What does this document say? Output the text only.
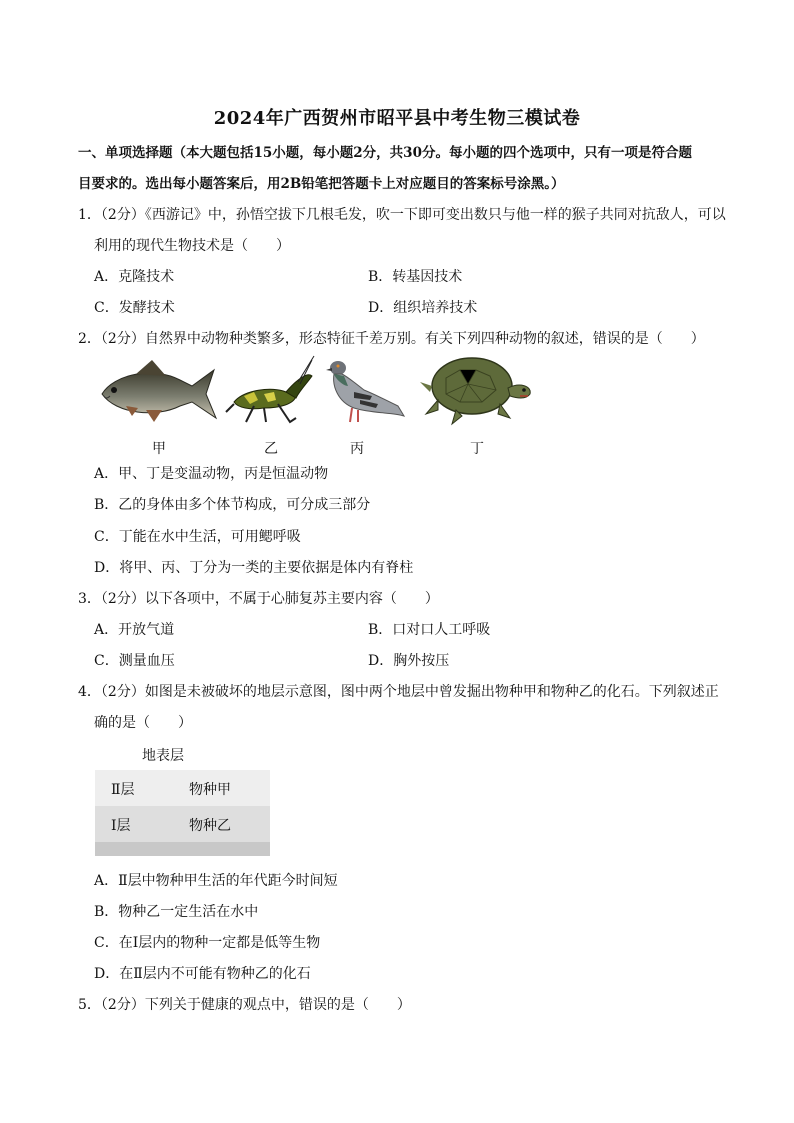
2024年广西贺州市昭平县中考生物三模试卷
一、单项选择题（本大题包括15小题，每小题2分，共30分。每小题的四个选项中，只有一项是符合题
目要求的。选出每小题答案后，用2B铅笔把答题卡上对应题目的答案标号涂黑。）
1．（2分）《西游记》中，孙悟空拔下几根毛发，吹一下即可变出数只与他一样的猴子共同对抗敌人，可以
利用的现代生物技术是（　　）
A．克隆技术	B．转基因技术
C．发酵技术	D．组织培养技术
2．（2分）自然界中动物种类繁多，形态特征千差万别。有关下列四种动物的叙述，错误的是（　　）
甲	乙	丙	丁
A．甲、丁是变温动物，丙是恒温动物
B．乙的身体由多个体节构成，可分成三部分
C．丁能在水中生活，可用鳃呼吸
D．将甲、丙、丁分为一类的主要依据是体内有脊柱
3．（2分）以下各项中，不属于心肺复苏主要内容（　　）
A．开放气道	B．口对口人工呼吸
C．测量血压	D．胸外按压
4．（2分）如图是未被破坏的地层示意图，图中两个地层中曾发掘出物种甲和物种乙的化石。下列叙述正
确的是（　　）
地表层
Ⅱ层	物种甲
Ⅰ层	物种乙
A．Ⅱ层中物种甲生活的年代距今时间短
B．物种乙一定生活在水中
C．在Ⅰ层内的物种一定都是低等生物
D．在Ⅱ层内不可能有物种乙的化石
5．（2分）下列关于健康的观点中，错误的是（　　）
